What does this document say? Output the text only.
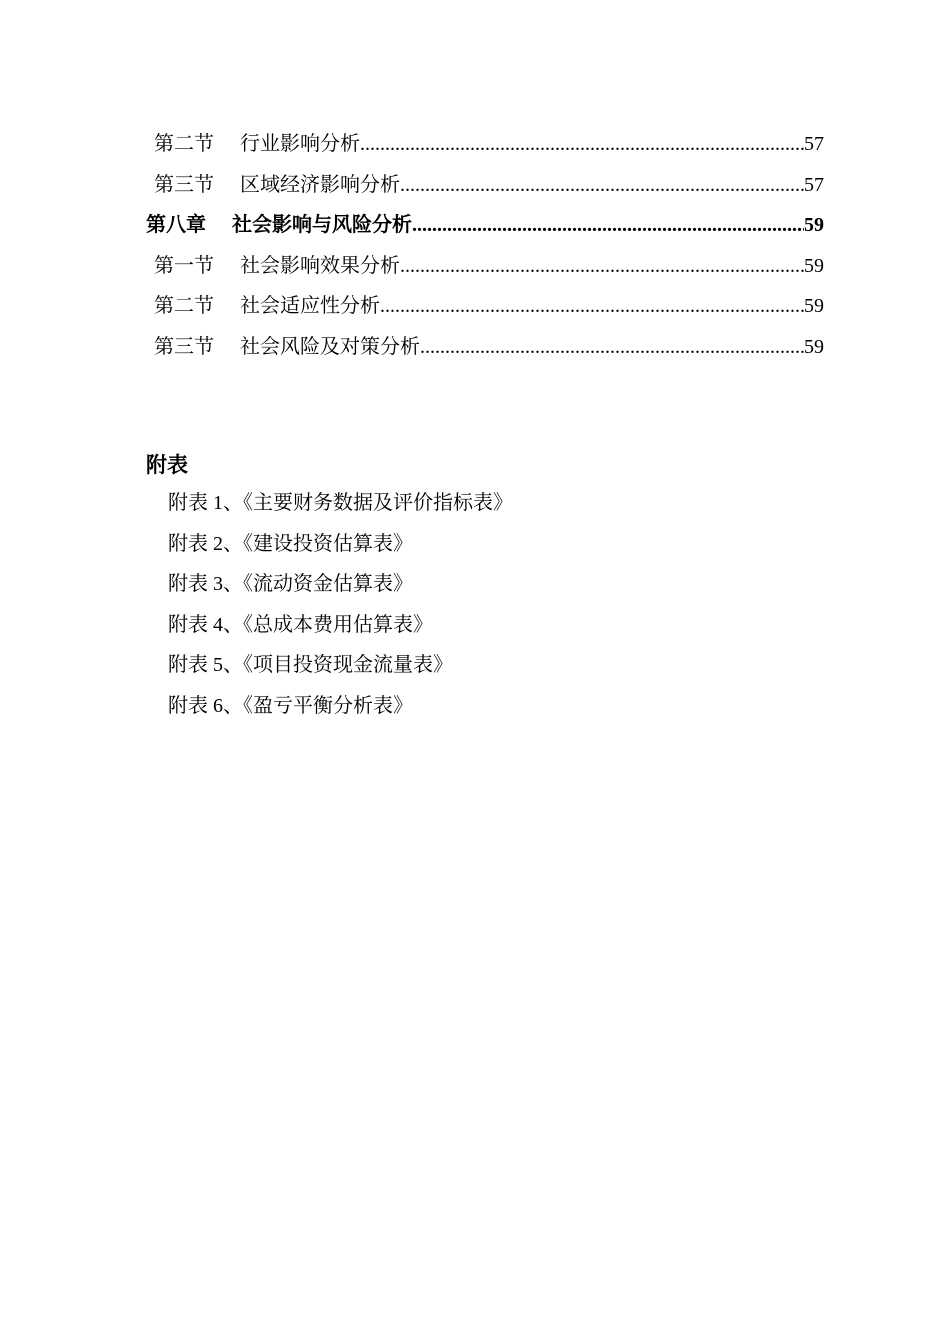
第二节 行业影响分析 .....	57
第三节 区域经济影响分析 .....	57
第八章 社会影响与风险分析 .....	59
第一节 社会影响效果分析 .....	59
第二节 社会适应性分析 .....	59
第三节 社会风险及对策分析 .....	59
附表
附表 1、《主要财务数据及评价指标表》
附表 2、《建设投资估算表》
附表 3、《流动资金估算表》
附表 4、《总成本费用估算表》
附表 5、《项目投资现金流量表》
附表 6、《盈亏平衡分析表》
